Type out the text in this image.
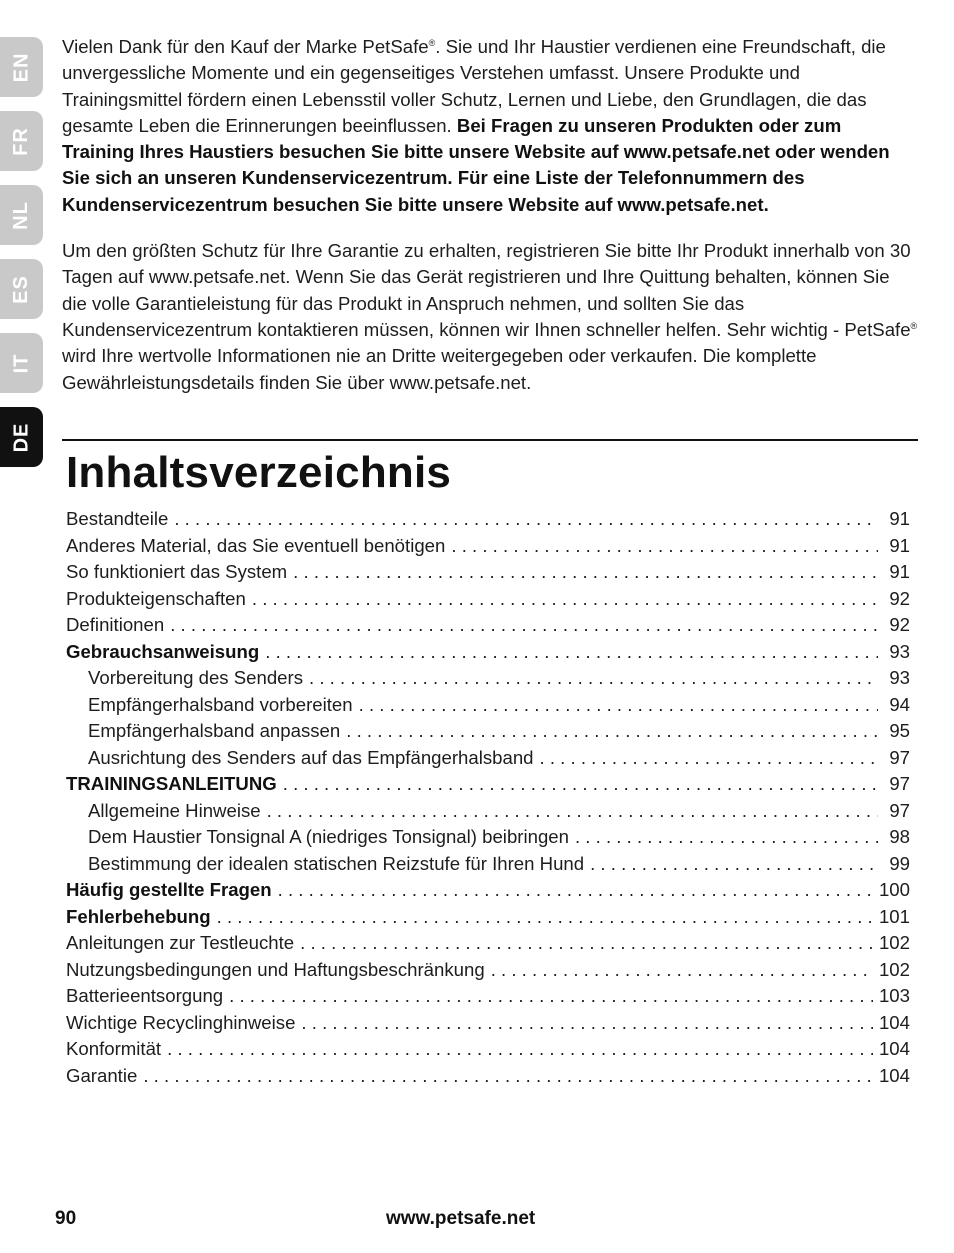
EN
FR
NL
ES
IT
DE

Vielen Dank für den Kauf der Marke PetSafe®. Sie und Ihr Haustier verdienen eine Freundschaft, die unvergessliche Momente und ein gegenseitiges Verstehen umfasst. Unsere Produkte und Trainingsmittel fördern einen Lebensstil voller Schutz, Lernen und Liebe, den Grundlagen, die das gesamte Leben die Erinnerungen beeinflussen. Bei Fragen zu unseren Produkten oder zum Training Ihres Haustiers besuchen Sie bitte unsere Website auf www.petsafe.net oder wenden Sie sich an unseren Kundenservicezentrum. Für eine Liste der Telefonnummern des Kundenservicezentrum besuchen Sie bitte unsere Website auf www.petsafe.net.

Um den größten Schutz für Ihre Garantie zu erhalten, registrieren Sie bitte Ihr Produkt innerhalb von 30 Tagen auf www.petsafe.net. Wenn Sie das Gerät registrieren und Ihre Quittung behalten, können Sie die volle Garantieleistung für das Produkt in Anspruch nehmen, und sollten Sie das Kundenservicezentrum kontaktieren müssen, können wir Ihnen schneller helfen. Sehr wichtig - PetSafe® wird Ihre wertvolle Informationen nie an Dritte weitergegeben oder verkaufen. Die komplette Gewährleistungsdetails finden Sie über www.petsafe.net.

Inhaltsverzeichnis
Bestandteile . . .	91
Anderes Material, das Sie eventuell benötigen . . .	91
So funktioniert das System . . .	91
Produkteigenschaften . . .	92
Definitionen . . .	92
Gebrauchsanweisung . . .	93
Vorbereitung des Senders . . .	93
Empfängerhalsband vorbereiten . . .	94
Empfängerhalsband anpassen . . .	95
Ausrichtung des Senders auf das Empfängerhalsband . . .	97
TRAININGSANLEITUNG . . .	97
Allgemeine Hinweise . . .	97
Dem Haustier Tonsignal A (niedriges Tonsignal) beibringen . . .	98
Bestimmung der idealen statischen Reizstufe für Ihren Hund . . .	99
Häufig gestellte Fragen . . .	100
Fehlerbehebung . . .	101
Anleitungen zur Testleuchte . . .	102
Nutzungsbedingungen und Haftungsbeschränkung . . .	102
Batterieentsorgung . . .	103
Wichtige Recyclinghinweise . . .	104
Konformität . . .	104
Garantie . . .	104
90	www.petsafe.net
